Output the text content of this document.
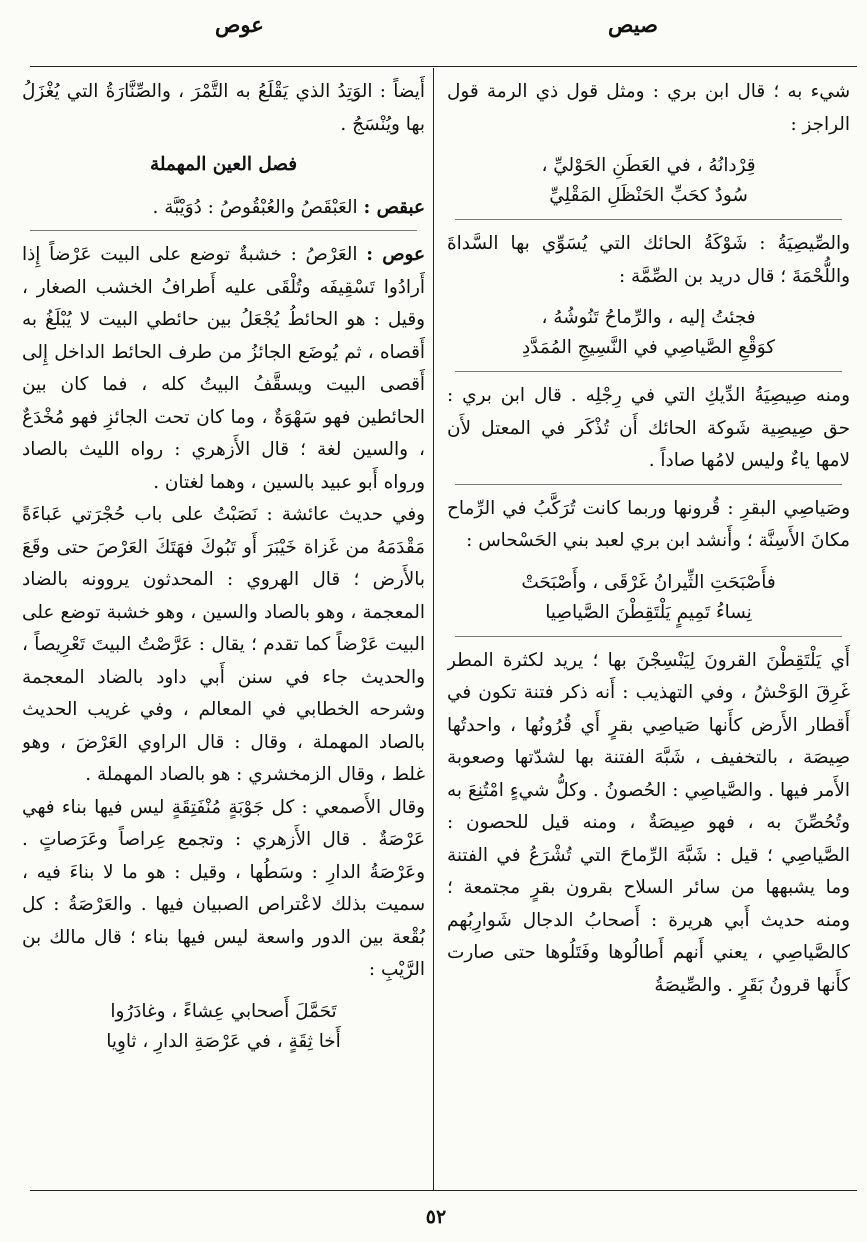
صيص
عوص

شيء به ؛ قال ابن بري : ومثل قول ذي الرمة قول الراجز :

قِرْدانُهُ ، في العَطَنِ الحَوْليِّ ،
سُودٌ كحَبِّ الحَنْظَلِ المَقْلِيِّ

والصِّيصِيَةُ : شَوْكَةُ الحائك التي يُسَوِّي بها السَّداةَ واللُّحْمَةَ ؛ قال دريد بن الصِّمَّة :

فجئتُ إليه ، والرِّماحُ تَنُوشُهُ ،
كوَقْعِ الصَّياصِي في النَّسِيجِ المُمَدَّدِ

ومنه صِيصِيَةُ الدِّيكِ التي في رِجْلِه . قال ابن بري : حق صِيصِية شَوكة الحائك أَن تُذْكَر في المعتل لأَن لامها ياءٌ وليس لامُها صاداً .

وصَياصِي البقرِ : قُرونها وربما كانت تُرَكَّبُ في الرِّماح مكانَ الأَسِنَّة ؛ وأَنشد ابن بري لعبد بني الحَسْحاس :

فأَصْبَحَتِ الثِّيرانُ غَرْقَى ، وأَصْبَحَتْ
نِساءُ تَمِيمٍ يَلْتَقِطْنَ الصَّياصِيا

أَي يَلْتَقِطْنَ القرونَ لِيَنْسِجْنَ بها ؛ يريد لكثرة المطر غَرِقَ الوَحْشُ ، وفي التهذيب : أَنه ذكر فتنة تكون في أَقطار الأَرض كأَنها صَياصِي بقرٍ أَي قُرُونُها ، واحدتُها صِيصَة ، بالتخفيف ، شَبَّهَ الفتنة بها لشدّتها وصعوبة الأَمر فيها . والصَّياصِي : الحُصونُ . وكلُّ شيءٍ امْتُنِعَ به وتُحُصِّنَ به ، فهو صِيصَةٌ ، ومنه قيل للحصون : الصَّياصِي ؛ قيل : شَبَّهَ الرِّماحَ التي تُشْرَعُ في الفتنة وما يشبهها من سائر السلاح بقرون بقرٍ مجتمعة ؛ ومنه حديث أَبي هريرة : أَصحابُ الدجال شَوارِبُهم كالصَّياصِي ، يعني أَنهم أَطالُوها وفَتَلُوها حتى صارت كأَنها قرونُ بَقَرٍ . والصِّيصَةُ

أَيضاً : الوَتِدُ الذي يَقْلَعُ به التَّمْرَ ، والصِّنَّارَةُ التي يُغْزَلُ بها ويُنْسَجُ .

فصل العين المهملة

عبقص : العَبْقَصُ والعُبْقُوصُ : دُوَيْبَّة .

عوص : العَرْصُ : خشبةٌ توضع على البيت عَرْضاً إِذا أَرادُوا تَسْقِيفَه وتُلْقَى عليه أَطرافُ الخشب الصغار ، وقيل : هو الحائطُ يُجْعَلُ بين حائطي البيت لا يُبْلَغُ به أَقصاه ، ثم يُوضَع الجائزُ من طرف الحائط الداخل إِلى أَقصى البيت ويسقَّفُ البيتُ كله ، فما كان بين الحائطين فهو سَهْوَةٌ ، وما كان تحت الجائزِ فهو مُخْدَعٌ ، والسين لغة ؛ قال الأَزهري : رواه الليث بالصاد ورواه أَبو عبيد بالسين ، وهما لغتان .

وفي حديث عائشة : نَصَبْتُ على باب حُجْرَتي عَباءَةً مَقْدَمَهُ من غَزاة خَيْبَرَ أَو تَبُوكَ فهَتَكَ العَرْصَ حتى وقَعَ بالأَرض ؛ قال الهروي : المحدثون يروونه بالضاد المعجمة ، وهو بالصاد والسين ، وهو خشبة توضع على البيت عَرْضاً كما تقدم ؛ يقال : عَرَّصْتُ البيتَ تَعْرِيصاً ، والحديث جاء في سنن أَبي داود بالضاد المعجمة وشرحه الخطابي في المعالم ، وفي غريب الحديث بالصاد المهملة ، وقال : قال الراوي العَرْضَ ، وهو غلط ، وقال الزمخشري : هو بالصاد المهملة .

وقال الأَصمعي : كل جَوْبَةٍ مُنْفَتِقَةٍ ليس فيها بناء فهي عَرْصَةٌ . قال الأَزهري : وتجمع عِراصاً وعَرَصاتٍ . وعَرْصَةُ الدارِ : وسَطُها ، وقيل : هو ما لا بناءَ فيه ، سميت بذلك لاعْتراص الصبيان فيها . والعَرْصَةُ : كل بُقْعة بين الدور واسعة ليس فيها بناء ؛ قال مالك بن الرَّيْبِ :

تَحَمَّلَ أَصحابي عِشاءً ، وغادَرُوا
أَخا ثِقَةٍ ، في عَرْصَةِ الدارِ ، ثاوِيا
٥٢
